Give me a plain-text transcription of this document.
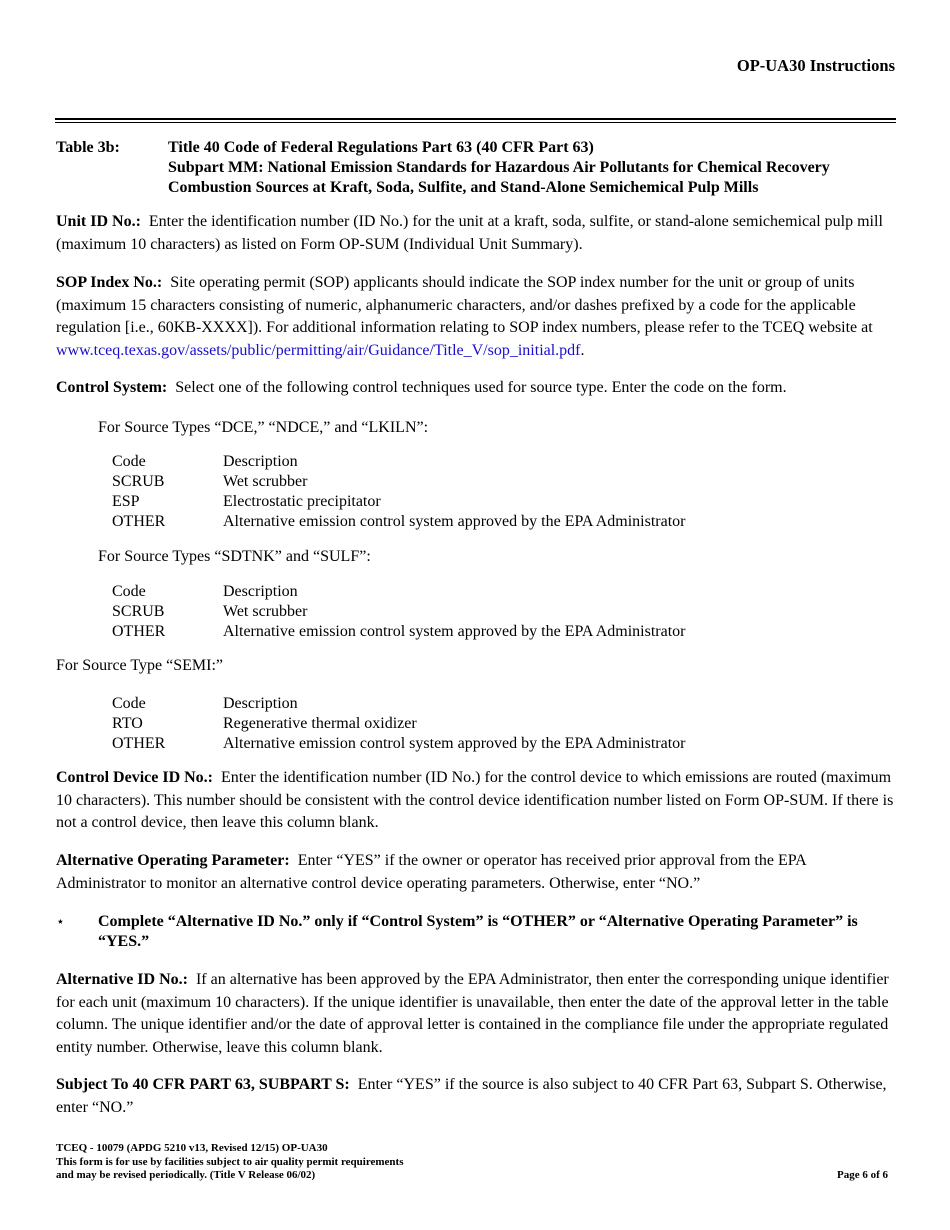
OP-UA30 Instructions
Table 3b:	Title 40 Code of Federal Regulations Part 63 (40 CFR Part 63)
Subpart MM: National Emission Standards for Hazardous Air Pollutants for Chemical Recovery
Combustion Sources at Kraft, Soda, Sulfite, and Stand-Alone Semichemical Pulp Mills
Unit ID No.: Enter the identification number (ID No.) for the unit at a kraft, soda, sulfite, or stand-alone semichemical pulp mill (maximum 10 characters) as listed on Form OP-SUM (Individual Unit Summary).
SOP Index No.: Site operating permit (SOP) applicants should indicate the SOP index number for the unit or group of units (maximum 15 characters consisting of numeric, alphanumeric characters, and/or dashes prefixed by a code for the applicable regulation [i.e., 60KB-XXXX]). For additional information relating to SOP index numbers, please refer to the TCEQ website at www.tceq.texas.gov/assets/public/permitting/air/Guidance/Title_V/sop_initial.pdf.
Control System: Select one of the following control techniques used for source type. Enter the code on the form.
For Source Types “DCE,” “NDCE,” and “LKILN”:
Code	Description
SCRUB	Wet scrubber
ESP	Electrostatic precipitator
OTHER	Alternative emission control system approved by the EPA Administrator
For Source Types “SDTNK” and “SULF”:
Code	Description
SCRUB	Wet scrubber
OTHER	Alternative emission control system approved by the EPA Administrator
For Source Type “SEMI:”
Code	Description
RTO	Regenerative thermal oxidizer
OTHER	Alternative emission control system approved by the EPA Administrator
Control Device ID No.: Enter the identification number (ID No.) for the control device to which emissions are routed (maximum 10 characters). This number should be consistent with the control device identification number listed on Form OP-SUM. If there is not a control device, then leave this column blank.
Alternative Operating Parameter: Enter “YES” if the owner or operator has received prior approval from the EPA Administrator to monitor an alternative control device operating parameters. Otherwise, enter “NO.”
⋆ Complete “Alternative ID No.” only if “Control System” is “OTHER” or “Alternative Operating Parameter” is “YES.”
Alternative ID No.: If an alternative has been approved by the EPA Administrator, then enter the corresponding unique identifier for each unit (maximum 10 characters). If the unique identifier is unavailable, then enter the date of the approval letter in the table column. The unique identifier and/or the date of approval letter is contained in the compliance file under the appropriate regulated entity number. Otherwise, leave this column blank.
Subject To 40 CFR PART 63, SUBPART S: Enter “YES” if the source is also subject to 40 CFR Part 63, Subpart S. Otherwise, enter “NO.”
TCEQ - 10079 (APDG 5210 v13, Revised 12/15) OP-UA30
This form is for use by facilities subject to air quality permit requirements
and may be revised periodically. (Title V Release 06/02)	Page 6 of 6
